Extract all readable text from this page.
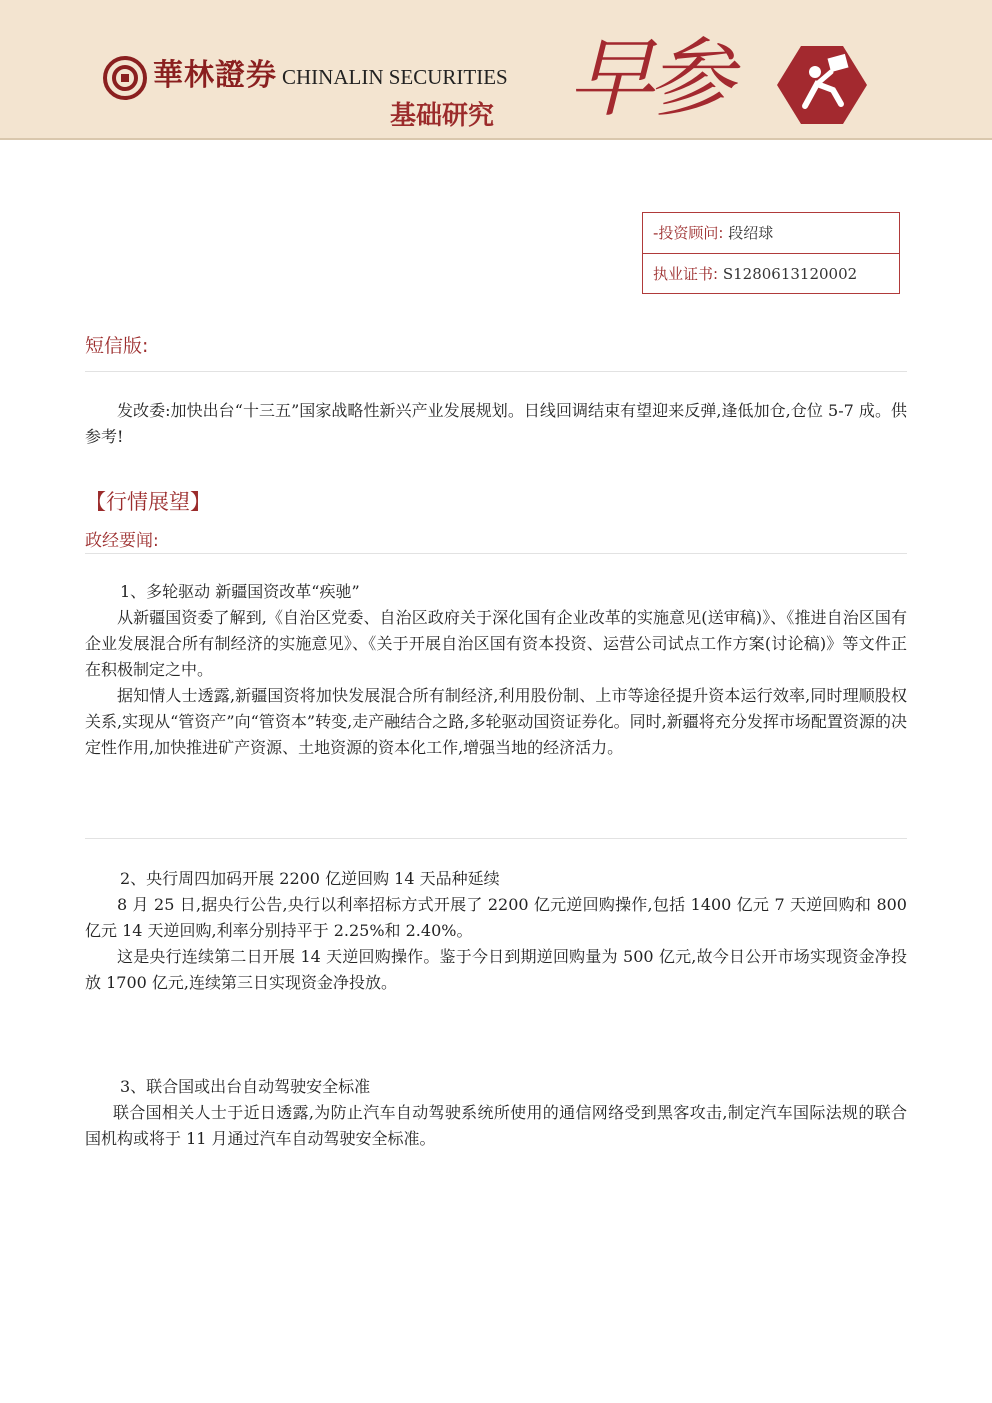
華林證券 CHINALIN SECURITIES
基础研究 早参
-投资顾问: 段绍球
执业证书: S1280613120002
短信版:

发改委:加快出台“十三五”国家战略性新兴产业发展规划。日线回调结束有望迎来反弹,逢低加仓,仓位 5-7 成。供参考!

【行情展望】
政经要闻:

1、多轮驱动 新疆国资改革“疾驰”

从新疆国资委了解到,《自治区党委、自治区政府关于深化国有企业改革的实施意见(送审稿)》、《推进自治区国有企业发展混合所有制经济的实施意见》、《关于开展自治区国有资本投资、运营公司试点工作方案(讨论稿)》等文件正在积极制定之中。

据知情人士透露,新疆国资将加快发展混合所有制经济,利用股份制、上市等途径提升资本运行效率,同时理顺股权关系,实现从“管资产”向“管资本”转变,走产融结合之路,多轮驱动国资证券化。同时,新疆将充分发挥市场配置资源的决定性作用,加快推进矿产资源、土地资源的资本化工作,增强当地的经济活力。

2、央行周四加码开展 2200 亿逆回购 14 天品种延续

8 月 25 日,据央行公告,央行以利率招标方式开展了 2200 亿元逆回购操作,包括 1400 亿元 7 天逆回购和 800 亿元 14 天逆回购,利率分别持平于 2.25%和 2.40%。

这是央行连续第二日开展 14 天逆回购操作。鉴于今日到期逆回购量为 500 亿元,故今日公开市场实现资金净投放 1700 亿元,连续第三日实现资金净投放。

3、联合国或出台自动驾驶安全标准

联合国相关人士于近日透露,为防止汽车自动驾驶系统所使用的通信网络受到黑客攻击,制定汽车国际法规的联合国机构或将于 11 月通过汽车自动驾驶安全标准。
